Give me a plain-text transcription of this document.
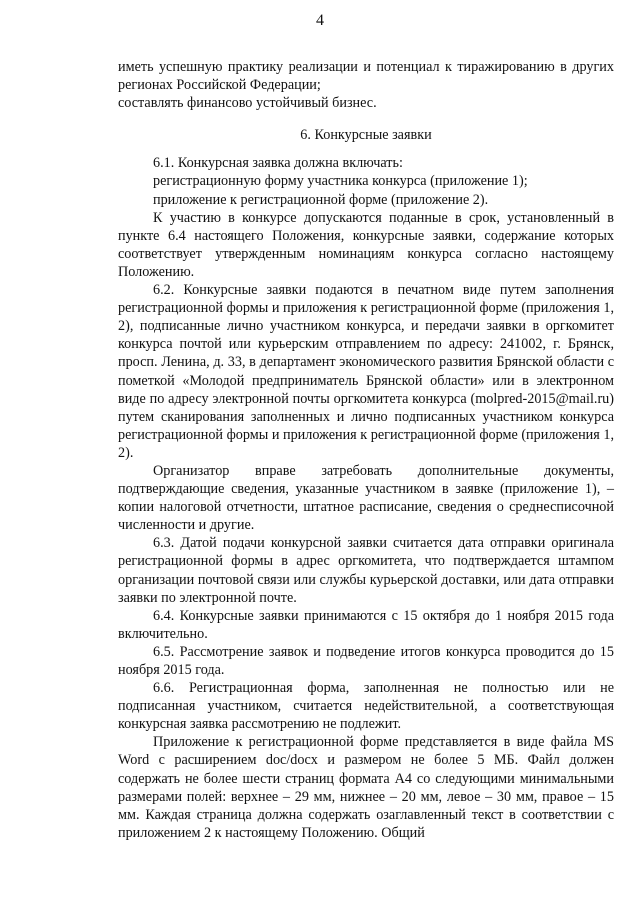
4

иметь успешную практику реализации и потенциал к тиражированию в других регионах Российской Федерации;

составлять финансово устойчивый бизнес.

6. Конкурсные заявки

6.1. Конкурсная заявка должна включать:

регистрационную форму участника конкурса (приложение 1);

приложение к регистрационной форме (приложение 2).

К участию в конкурсе допускаются поданные в срок, установленный в пункте 6.4 настоящего Положения, конкурсные заявки, содержание которых соответствует утвержденным номинациям конкурса согласно настоящему Положению.

6.2. Конкурсные заявки подаются в печатном виде путем заполнения регистрационной формы и приложения к регистрационной форме (приложения 1, 2), подписанные лично участником конкурса, и передачи заявки в оргкомитет конкурса почтой или курьерским отправлением по адресу: 241002, г. Брянск, просп. Ленина, д. 33, в департамент экономического развития Брянской области с пометкой «Молодой предприниматель Брянской области» или в электронном виде по адресу электронной почты оргкомитета конкурса (molpred-2015@mail.ru) путем сканирования заполненных и лично подписанных участником конкурса регистрационной формы и приложения к регистрационной форме (приложения 1, 2).

Организатор вправе затребовать дополнительные документы, подтверждающие сведения, указанные участником в заявке (приложение 1), – копии налоговой отчетности, штатное расписание, сведения о среднесписочной численности и другие.

6.3. Датой подачи конкурсной заявки считается дата отправки оригинала регистрационной формы в адрес оргкомитета, что подтверждается штампом организации почтовой связи или службы курьерской доставки, или дата отправки заявки по электронной почте.

6.4. Конкурсные заявки принимаются с 15 октября до 1 ноября 2015 года включительно.

6.5. Рассмотрение заявок и подведение итогов конкурса проводится до 15 ноября 2015 года.

6.6. Регистрационная форма, заполненная не полностью или не подписанная участником, считается недействительной, а соответствующая конкурсная заявка рассмотрению не подлежит.

Приложение к регистрационной форме представляется в виде файла MS Word с расширением doc/docx и размером не более 5 МБ. Файл должен содержать не более шести страниц формата А4 со следующими минимальными размерами полей: верхнее – 29 мм, нижнее – 20 мм, левое – 30 мм, правое – 15 мм. Каждая страница должна содержать озаглавленный текст в соответствии с приложением 2 к настоящему Положению. Общий
